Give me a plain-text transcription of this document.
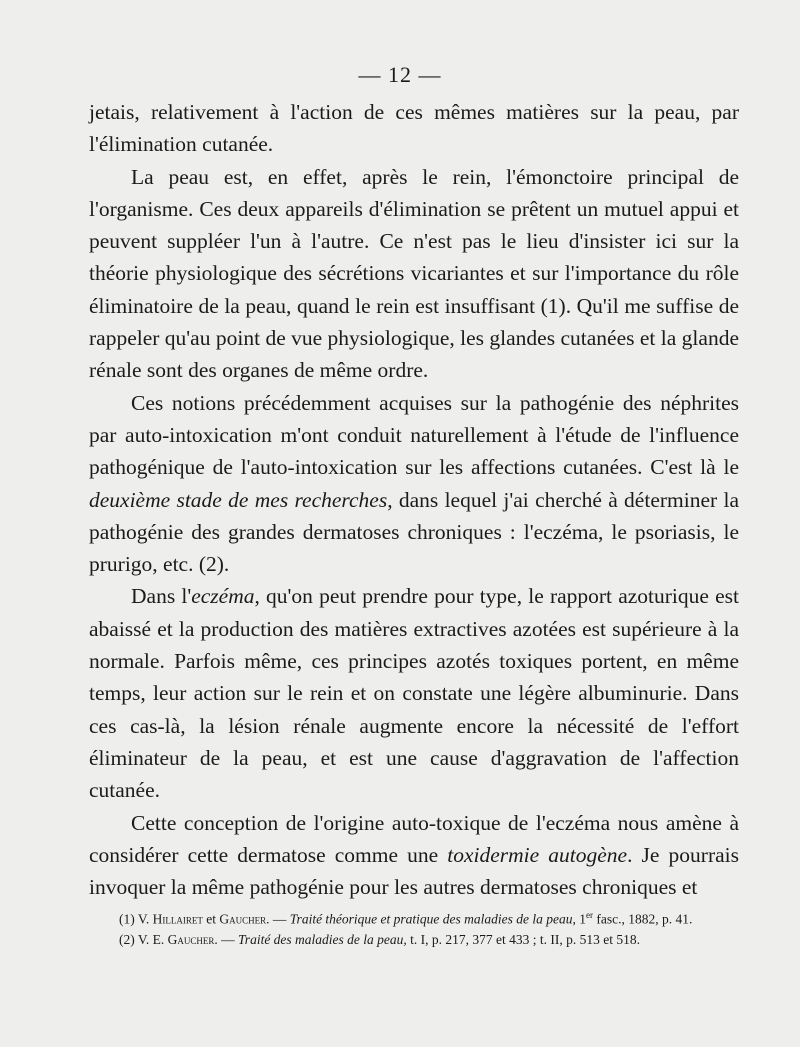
— 12 —

jetais, relativement à l'action de ces mêmes matières sur la peau, par l'élimination cutanée.

La peau est, en effet, après le rein, l'émonctoire principal de l'organisme. Ces deux appareils d'élimination se prêtent un mutuel appui et peuvent suppléer l'un à l'autre. Ce n'est pas le lieu d'insister ici sur la théorie physiologique des sécrétions vicariantes et sur l'importance du rôle éliminatoire de la peau, quand le rein est insuffisant (1). Qu'il me suffise de rappeler qu'au point de vue physiologique, les glandes cutanées et la glande rénale sont des organes de même ordre.

Ces notions précédemment acquises sur la pathogénie des néphrites par auto-intoxication m'ont conduit naturellement à l'étude de l'influence pathogénique de l'auto-intoxication sur les affections cutanées. C'est là le deuxième stade de mes recherches, dans lequel j'ai cherché à déterminer la pathogénie des grandes dermatoses chroniques : l'eczéma, le psoriasis, le prurigo, etc. (2).

Dans l'eczéma, qu'on peut prendre pour type, le rapport azoturique est abaissé et la production des matières extractives azotées est supérieure à la normale. Parfois même, ces principes azotés toxiques portent, en même temps, leur action sur le rein et on constate une légère albuminurie. Dans ces cas-là, la lésion rénale augmente encore la nécessité de l'effort éliminateur de la peau, et est une cause d'aggravation de l'affection cutanée.

Cette conception de l'origine auto-toxique de l'eczéma nous amène à considérer cette dermatose comme une toxidermie autogène. Je pourrais invoquer la même pathogénie pour les autres dermatoses chroniques et

(1) V. Hillairet et Gaucher. — Traité théorique et pratique des maladies de la peau, 1er fasc., 1882, p. 41.

(2) V. E. Gaucher. — Traité des maladies de la peau, t. I, p. 217, 377 et 433 ; t. II, p. 513 et 518.
